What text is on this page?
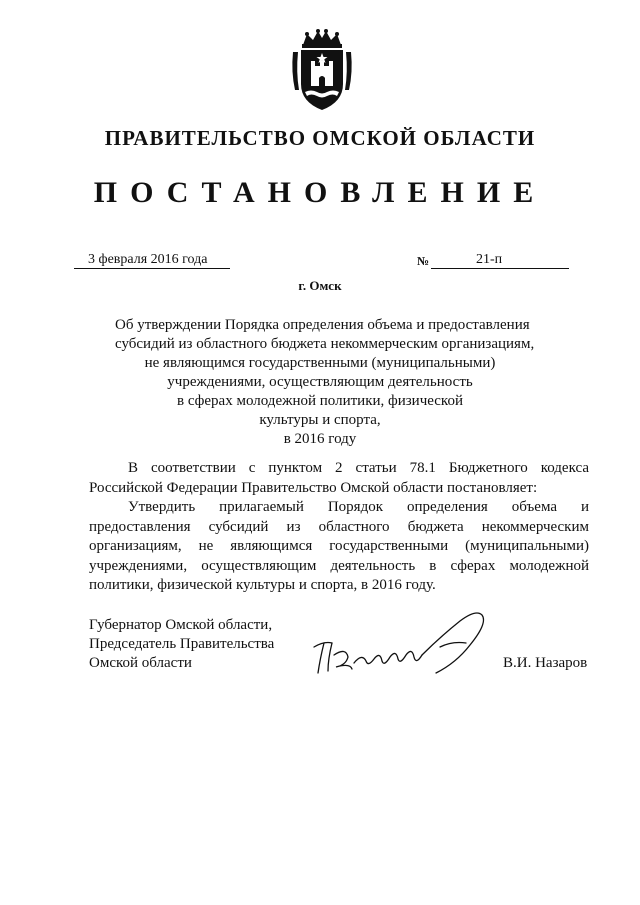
ПРАВИТЕЛЬСТВО ОМСКОЙ ОБЛАСТИ
ПОСТАНОВЛЕНИЕ
3 февраля 2016 года	№	21-п
г. Омск
Об утверждении Порядка определения объема и предоставления
субсидий из областного бюджета некоммерческим организациям,
не являющимся государственными (муниципальными)
учреждениями, осуществляющим деятельность
в сферах молодежной политики, физической
культуры и спорта,
в 2016 году

В соответствии с пунктом 2 статьи 78.1 Бюджетного кодекса Российской Федерации Правительство Омской области постановляет:

Утвердить прилагаемый Порядок определения объема и предоставления субсидий из областного бюджета некоммерческим организациям, не являющимся государственными (муниципальными) учреждениями, осуществляющим деятельность в сферах молодежной политики, физической культуры и спорта, в 2016 году.

Губернатор Омской области,
Председатель Правительства
Омской области	В.И. Назаров
